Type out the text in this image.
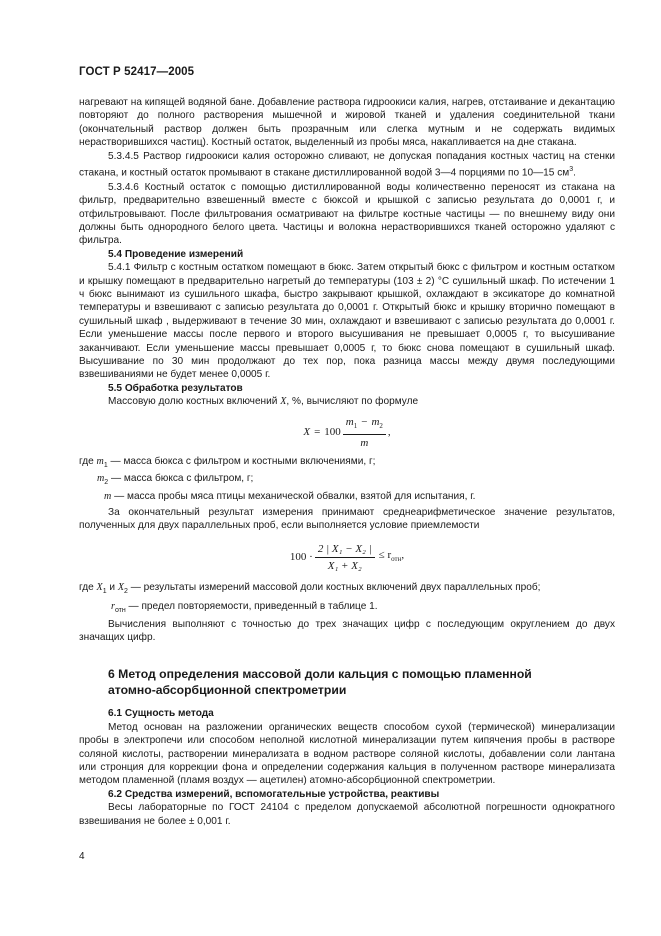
ГОСТ Р 52417—2005

нагревают на кипящей водяной бане. Добавление раствора гидроокиси калия, нагрев, отстаивание и декантацию повторяют до полного растворения мышечной и жировой тканей и удаления соединительной ткани (окончательный раствор должен быть прозрачным или слегка мутным и не содержать видимых нерастворившихся частиц). Костный остаток, выделенный из пробы мяса, накапливается на дне стакана.

5.3.4.5 Раствор гидроокиси калия осторожно сливают, не допуская попадания костных частиц на стенки стакана, и костный остаток промывают в стакане дистиллированной водой 3—4 порциями по 10—15 $см^3$.

5.3.4.6 Костный остаток с помощью дистиллированной воды количественно переносят из стакана на фильтр, предварительно взвешенный вместе с бюксой и крышкой с записью результата до 0,0001 г, и отфильтровывают. После фильтрования осматривают на фильтре костные частицы — по внешнему виду они должны быть однородного белого цвета. Частицы и волокна нерастворившихся тканей осторожно удаляют с фильтра.

5.4 Проведение измерений

5.4.1 Фильтр с костным остатком помещают в бюкс. Затем открытый бюкс с фильтром и костным остатком и крышку помещают в предварительно нагретый до температуры (103 ± 2) °С сушильный шкаф. По истечении 1 ч бюкс вынимают из сушильного шкафа, быстро закрывают крышкой, охлаждают в эксикаторе до комнатной температуры и взвешивают с записью результата до 0,0001 г. Открытый бюкс и крышку вторично помещают в сушильный шкаф , выдерживают в течение 30 мин, охлаждают и взвешивают с записью результата до 0,0001 г. Если уменьшение массы после первого и второго высушивания не превышает 0,0005 г, то высушивание заканчивают. Если уменьшение массы превышает 0,0005 г, то бюкс снова помещают в сушильный шкаф. Высушивание по 30 мин продолжают до тех пор, пока разница массы между двумя последующими взвешиваниями не будет менее 0,0005 г.

5.5 Обработка результатов

Массовую долю костных включений X, %, вычисляют по формуле

$X = 100 \frac{m_1 - m_2}{m}$ ,

где $m_1$ — масса бюкса с фильтром и костными включениями, г;

$m_2$ — масса бюкса с фильтром, г;

m — масса пробы мяса птицы механической обвалки, взятой для испытания, г.

За окончательный результат измерения принимают среднеарифметическое значение результатов, полученных для двух параллельных проб, если выполняется условие приемлемости

$100 \cdot \frac{\text{2 | X₁ − X₂ |}}{\text{X₁ + X₂}} \le r_{отн}$,

где $X_1$ и $X_2$ — результаты измерений массовой доли костных включений двух параллельных проб;

$r_{отн}$ — предел повторяемости, приведенный в таблице 1.

Вычисления выполняют с точностью до трех значащих цифр с последующим округлением до двух значащих цифр.

6 Метод определения массовой доли кальция с помощью пламенной

атомно-абсорбционной спектрометрии

6.1 Сущность метода

Метод основан на разложении органических веществ способом сухой (термической) минерализации пробы в электропечи или способом неполной кислотной минерализации путем кипячения пробы в растворе соляной кислоты, растворении минерализата в водном растворе соляной кислоты, добавлении соли лантана или стронция для коррекции фона и определении содержания кальция в полученном растворе минерализата методом пламенной (пламя воздух — ацетилен) атомно-абсорбционной спектрометрии.

6.2 Средства измерений, вспомогательные устройства, реактивы

Весы лабораторные по ГОСТ 24104 с пределом допускаемой абсолютной погрешности однократного взвешивания не более ± 0,001 г.

4
